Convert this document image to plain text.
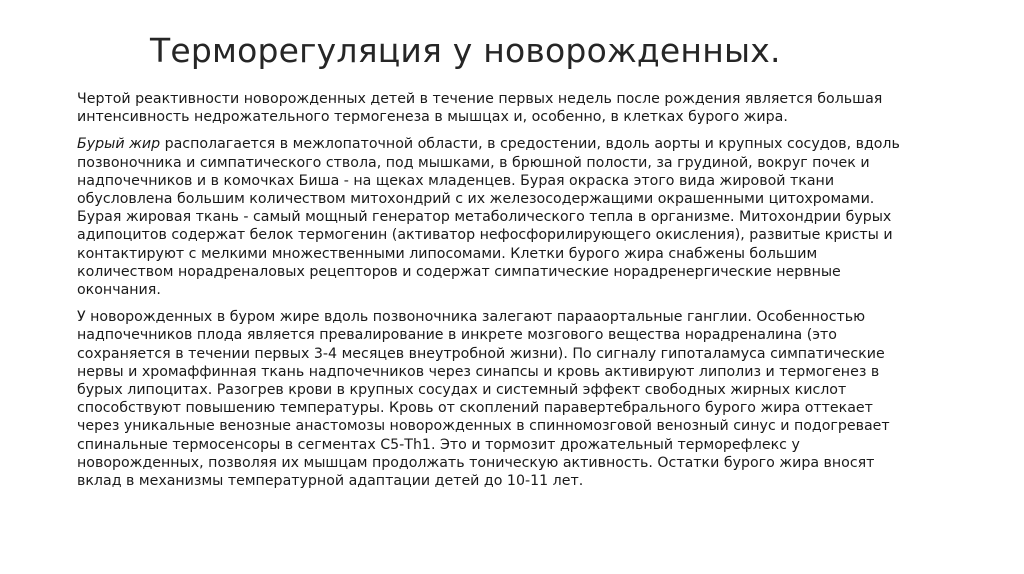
Терморегуляция у новорожденных.

Чертой реактивности новорожденных детей в течение первых недель после рождения является большая
интенсивность недрожательного термогенеза в мышцах и, особенно, в клетках бурого жира.

Бурый жир располагается в межлопаточной области, в средостении, вдоль аорты и крупных сосудов, вдоль
позвоночника и симпатического ствола, под мышками, в брюшной полости, за грудиной, вокруг почек и
надпочечников и в комочках Биша - на щеках младенцев. Бурая окраска этого вида жировой ткани
обусловлена большим количеством митохондрий с их железосодержащими окрашенными цитохромами.
Бурая жировая ткань - самый мощный генератор метаболического тепла в организме. Митохондрии бурых
адипоцитов содержат белок термогенин (активатор нефосфорилирующего окисления), развитые кристы и
контактируют с мелкими множественными липосомами. Клетки бурого жира снабжены большим
количеством норадреналовых рецепторов и содержат симпатические норадренергические нервные
окончания.

У новорожденных в буром жире вдоль позвоночника залегают парааортальные ганглии. Особенностью
надпочечников плода является превалирование в инкрете мозгового вещества норадреналина (это
сохраняется в течении первых 3-4 месяцев внеутробной жизни). По сигналу гипоталамуса симпатические
нервы и хромаффинная ткань надпочечников через синапсы и кровь активируют липолиз и термогенез в
бурых липоцитах. Разогрев крови в крупных сосудах и системный эффект свободных жирных кислот
способствуют повышению температуры. Кровь от скоплений паравертебрального бурого жира оттекает
через уникальные венозные анастомозы новорожденных в спинномозговой венозный синус и подогревает
спинальные термосенсоры в сегментах С5-Th1. Это и тормозит дрожательный терморефлекс у
новорожденных, позволяя их мышцам продолжать тоническую активность. Остатки бурого жира вносят
вклад в механизмы температурной адаптации детей до 10-11 лет.
